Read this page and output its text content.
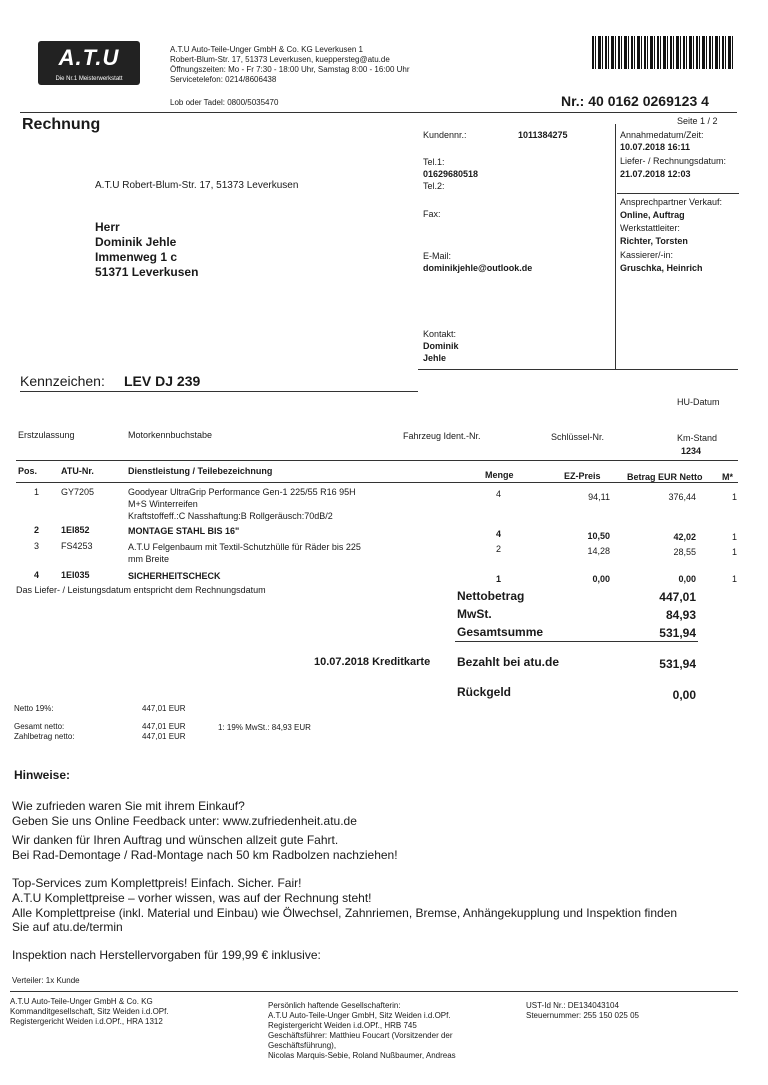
A.T.U
Die Nr.1 Meisterwerkstatt
A.T.U Auto-Teile-Unger GmbH & Co. KG Leverkusen 1
Robert-Blum-Str. 17, 51373 Leverkusen, kueppersteg@atu.de
Öffnungszeiten: Mo - Fr 7:30 - 18:00 Uhr, Samstag 8:00 - 16:00 Uhr
Servicetelefon: 0214/8606438
Lob oder Tadel: 0800/5035470	Nr.: 40 0162 0269123 4
Rechnung
A.T.U Robert-Blum-Str. 17, 51373 Leverkusen
Herr
Dominik Jehle
Immenweg 1 c
51371 Leverkusen
Kundennr.:	1011384275
Tel.1:
01629680518
Tel.2:
Fax:
E-Mail:
dominikjehle@outlook.de
Kontakt:
Dominik
Jehle
Seite 1 / 2
Annahmedatum/Zeit:
10.07.2018 16:11
Liefer- / Rechnungsdatum:
21.07.2018 12:03
Ansprechpartner Verkauf:
Online, Auftrag
Werkstattleiter:
Richter, Torsten
Kassierer/-in:
Gruschka, Heinrich
Kennzeichen: LEV DJ 239
HU-Datum
Erstzulassung	Motorkennbuchstabe	Fahrzeug Ident.-Nr.	Schlüssel-Nr.	Km-Stand
1234
Pos.	ATU-Nr.	Dienstleistung / Teilebezeichnung	Menge	EZ-Preis	Betrag EUR Netto M*
1 GY7205	Goodyear UltraGrip Performance Gen-1 225/55 R16 95H
M+S Winterreifen
Kraftstoffeff.:C Nasshaftung:B Rollgeräusch:70dB/2
4	94,11	376,44	1
2 1EI852	MONTAGE STAHL BIS 16"	4	10,50	42,02	1
3 FS4253	A.T.U Felgenbaum mit Textil-Schutzhülle für Räder bis 225
mm Breite
2	14,28	28,55	1
4 1EI035	SICHERHEITSCHECK	1	0,00	0,00	1
Das Liefer- / Leistungsdatum entspricht dem Rechnungsdatum	Nettobetrag	447,01
MwSt.	84,93
Gesamtsumme	531,94
10.07.2018 Kreditkarte Bezahlt bei atu.de	531,94
Rückgeld	0,00
Netto 19%:	447,01 EUR
Gesamt netto:	447,01 EUR	1: 19% MwSt.: 84,93 EUR
Zahlbetrag netto:	447,01 EUR
Hinweise:
Wie zufrieden waren Sie mit ihrem Einkauf?
Geben Sie uns Online Feedback unter: www.zufriedenheit.atu.de
Wir danken für Ihren Auftrag und wünschen allzeit gute Fahrt.
Bei Rad-Demontage / Rad-Montage nach 50 km Radbolzen nachziehen!
Top-Services zum Komplettpreis! Einfach. Sicher. Fair!
A.T.U Komplettpreise – vorher wissen, was auf der Rechnung steht!
Alle Komplettpreise (inkl. Material und Einbau) wie Ölwechsel, Zahnriemen, Bremse, Anhängekupplung und Inspektion finden
Sie auf atu.de/termin
Inspektion nach Herstellervorgaben für 199,99 € inklusive:
Verteiler: 1x Kunde
A.T.U Auto-Teile-Unger GmbH & Co. KG
Kommanditgesellschaft, Sitz Weiden i.d.OPf.
Registergericht Weiden i.d.OPf., HRA 1312
Persönlich haftende Gesellschafterin:
A.T.U Auto-Teile-Unger GmbH, Sitz Weiden i.d.OPf.
Registergericht Weiden i.d.OPf., HRB 745
Geschäftsführer: Matthieu Foucart (Vorsitzender der
Geschäftsführung),
Nicolas Marquis-Sebie, Roland Nußbaumer, Andreas
UST-Id Nr.: DE134043104
Steuernummer: 255 150 025 05
